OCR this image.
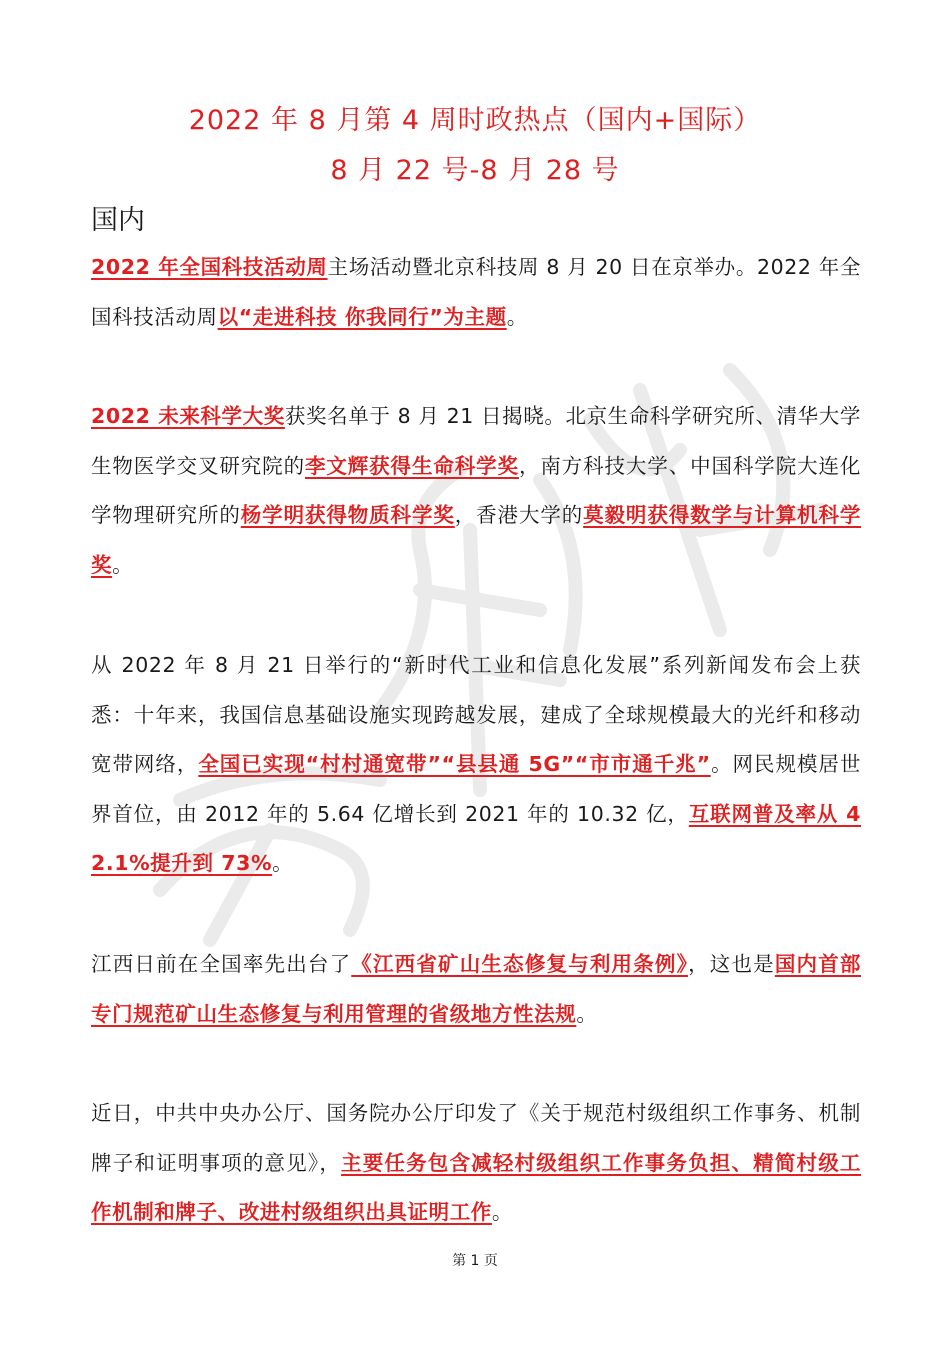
2022 年 8 月第 4 周时政热点（国内+国际）
8 月 22 号-8 月 28 号
国内
2022 年全国科技活动周主场活动暨北京科技周 8 月 20 日在京举办。2022 年全国科技活动周以“走进科技 你我同行”为主题。
2022 未来科学大奖获奖名单于 8 月 21 日揭晓。北京生命科学研究所、清华大学生物医学交叉研究院的李文辉获得生命科学奖，南方科技大学、中国科学院大连化学物理研究所的杨学明获得物质科学奖，香港大学的莫毅明获得数学与计算机科学奖。
从 2022 年 8 月 21 日举行的“新时代工业和信息化发展”系列新闻发布会上获悉：十年来，我国信息基础设施实现跨越发展，建成了全球规模最大的光纤和移动宽带网络，全国已实现“村村通宽带”“县县通 5G”“市市通千兆”。网民规模居世界首位，由 2012 年的 5.64 亿增长到 2021 年的 10.32 亿，互联网普及率从 42.1%提升到 73%。
江西日前在全国率先出台了《江西省矿山生态修复与利用条例》，这也是国内首部专门规范矿山生态修复与利用管理的省级地方性法规。
近日，中共中央办公厅、国务院办公厅印发了《关于规范村级组织工作事务、机制牌子和证明事项的意见》，主要任务包含减轻村级组织工作事务负担、精简村级工作机制和牌子、改进村级组织出具证明工作。
第 1 页
